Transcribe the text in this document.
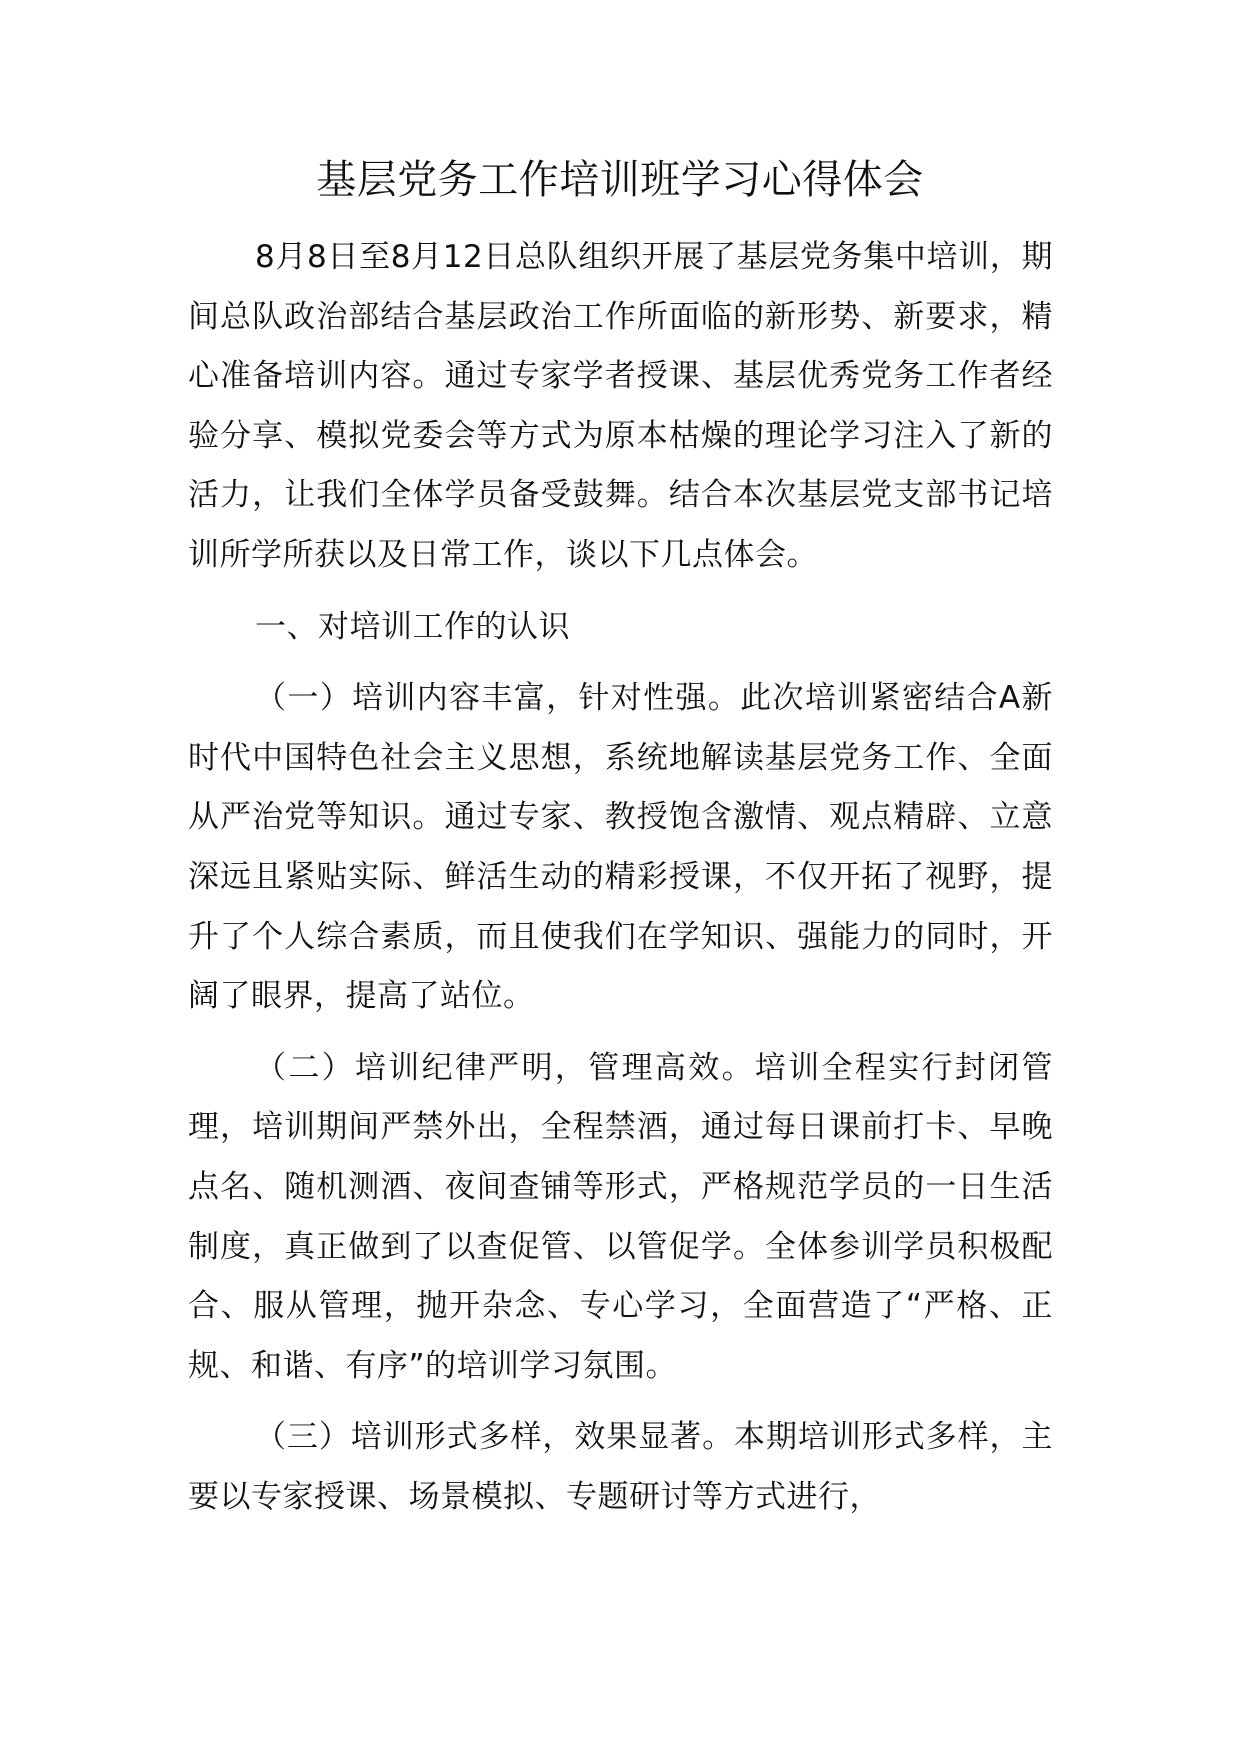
基层党务工作培训班学习心得体会

8月8日至8月12日总队组织开展了基层党务集中培训，期间总队政治部结合基层政治工作所面临的新形势、新要求，精心准备培训内容。通过专家学者授课、基层优秀党务工作者经验分享、模拟党委会等方式为原本枯燥的理论学习注入了新的活力，让我们全体学员备受鼓舞。结合本次基层党支部书记培训所学所获以及日常工作，谈以下几点体会。

一、对培训工作的认识

（一）培训内容丰富，针对性强。此次培训紧密结合A新时代中国特色社会主义思想，系统地解读基层党务工作、全面从严治党等知识。通过专家、教授饱含激情、观点精辟、立意深远且紧贴实际、鲜活生动的精彩授课，不仅开拓了视野，提升了个人综合素质，而且使我们在学知识、强能力的同时，开阔了眼界，提高了站位。

（二）培训纪律严明，管理高效。培训全程实行封闭管理，培训期间严禁外出，全程禁酒，通过每日课前打卡、早晚点名、随机测酒、夜间查铺等形式，严格规范学员的一日生活制度，真正做到了以查促管、以管促学。全体参训学员积极配合、服从管理，抛开杂念、专心学习，全面营造了“严格、正规、和谐、有序”的培训学习氛围。

（三）培训形式多样，效果显著。本期培训形式多样，主要以专家授课、场景模拟、专题研讨等方式进行，
